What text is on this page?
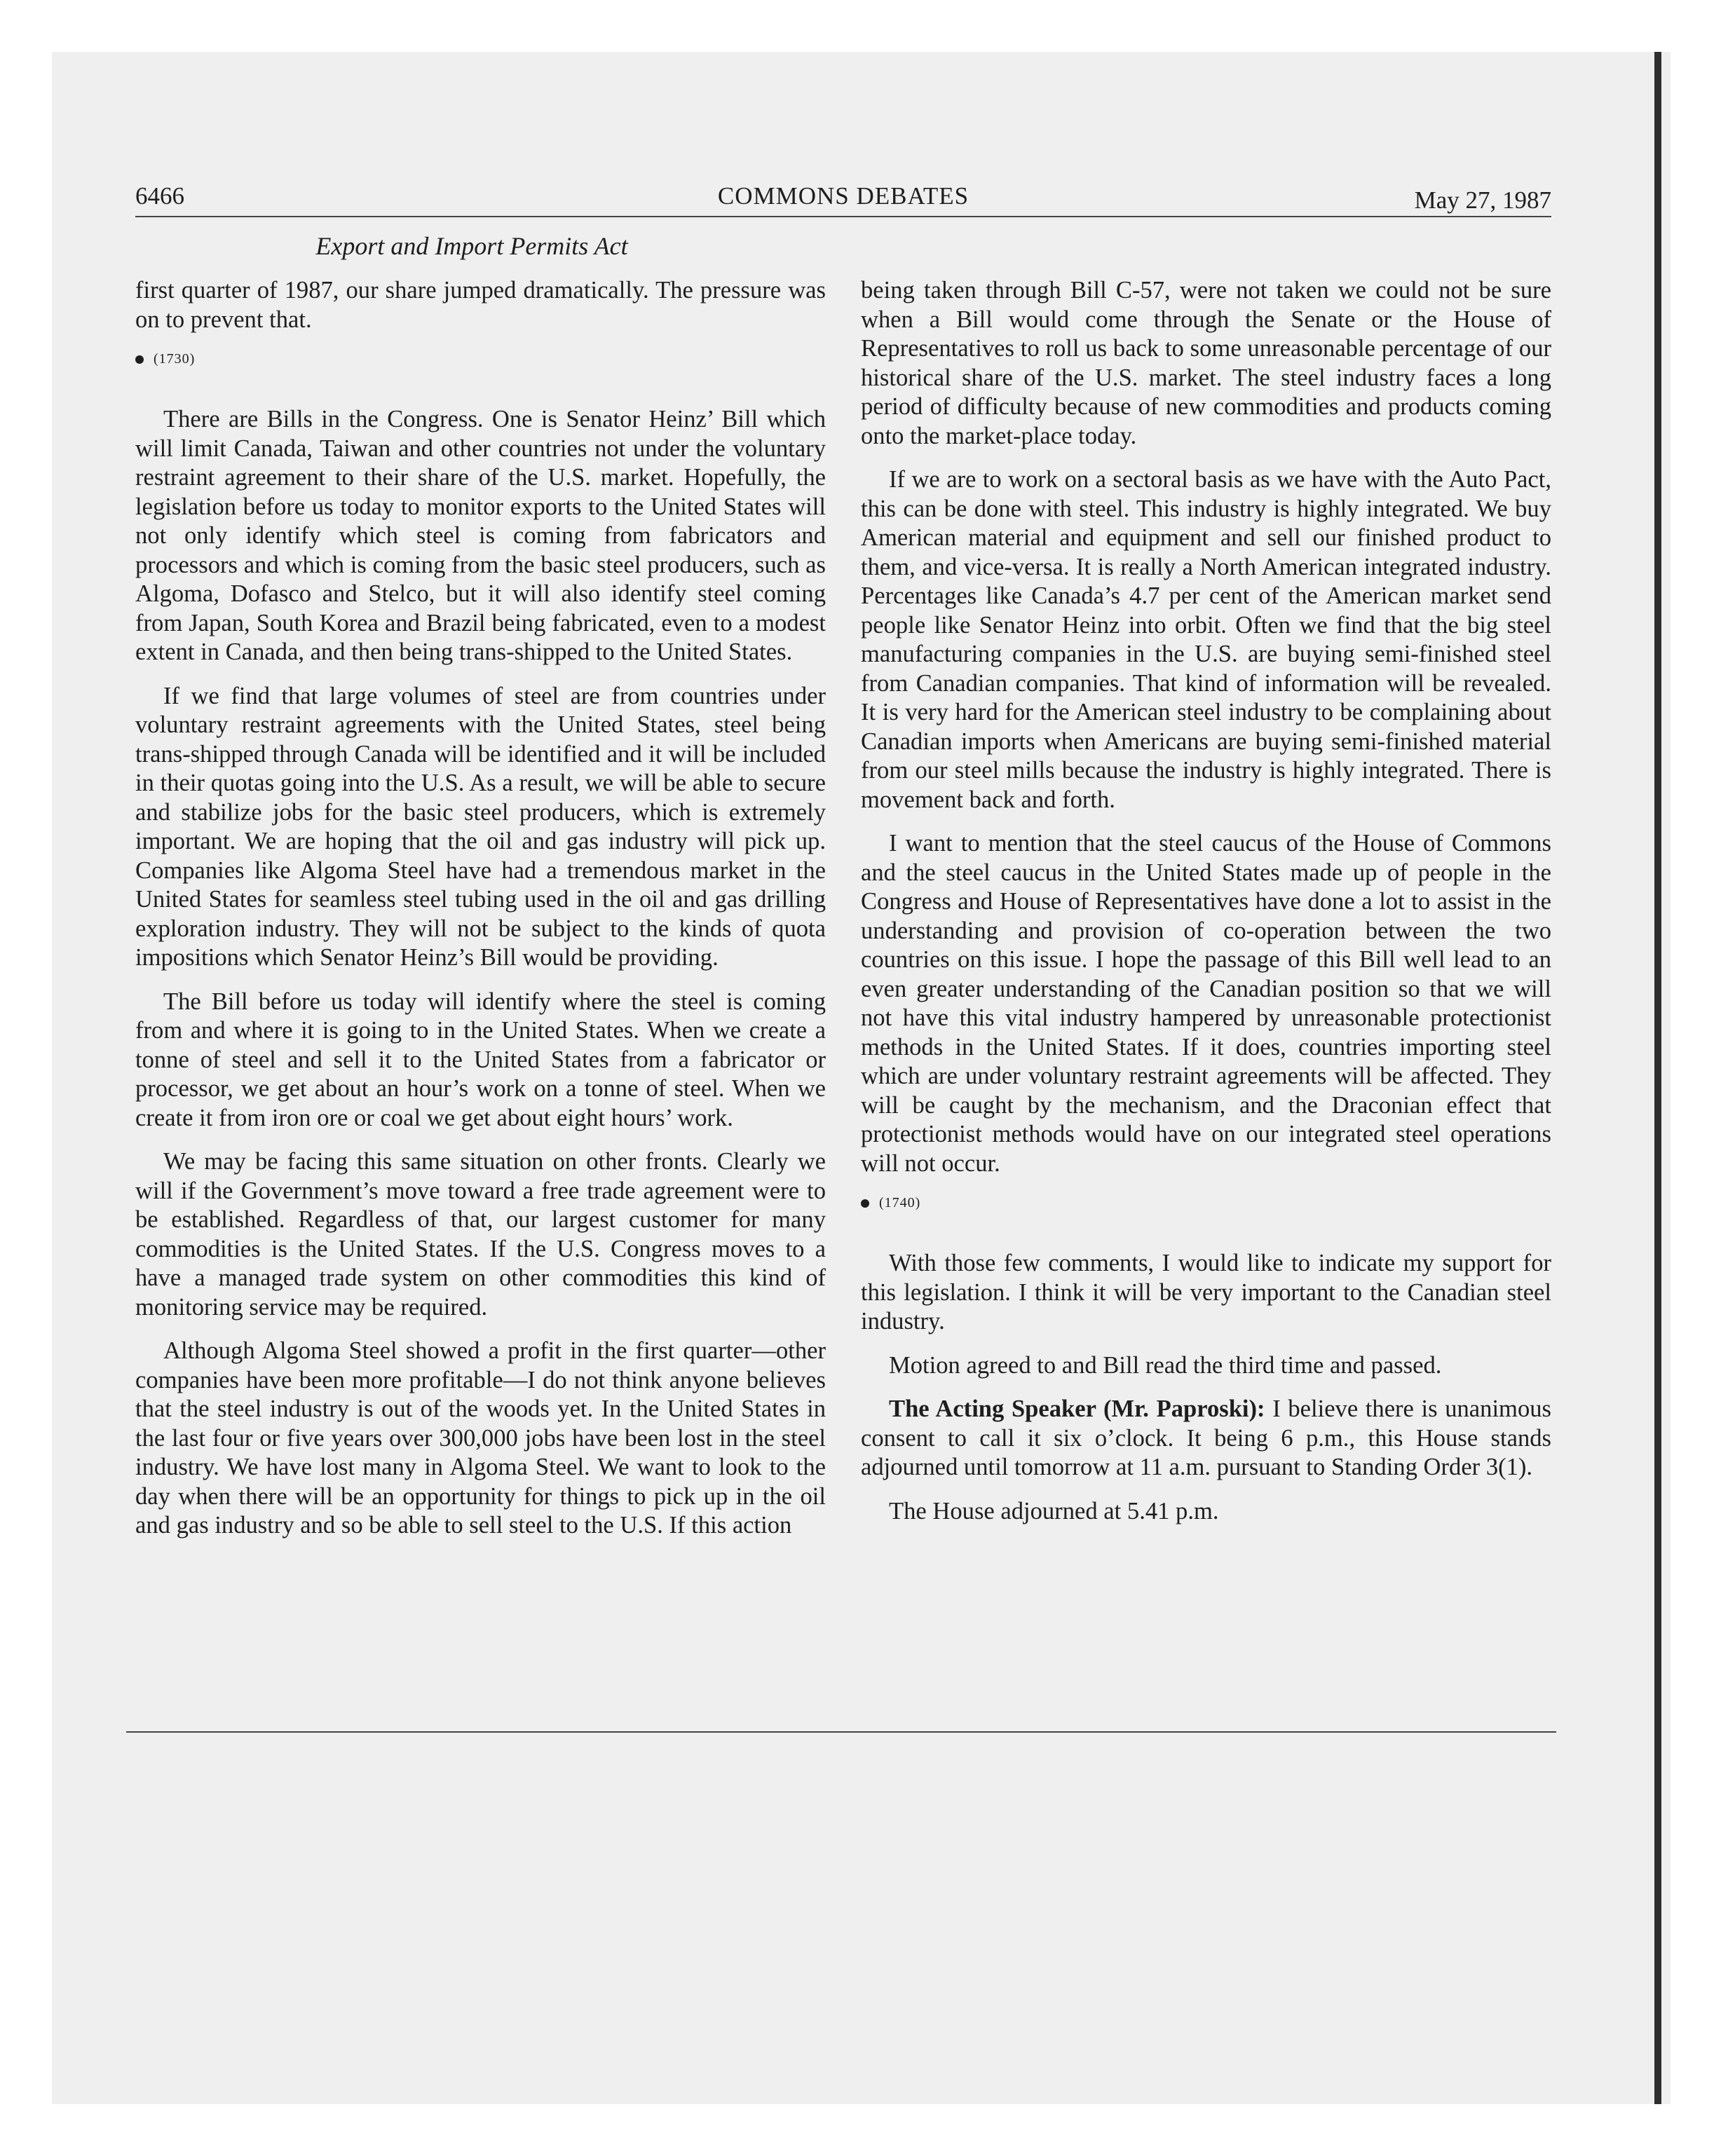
6466	COMMONS DEBATES	May 27, 1987
Export and Import Permits Act

first quarter of 1987, our share jumped dramatically. The pressure was on to prevent that.

(1730)

There are Bills in the Congress. One is Senator Heinz’ Bill which will limit Canada, Taiwan and other countries not under the voluntary restraint agreement to their share of the U.S. market. Hopefully, the legislation before us today to monitor exports to the United States will not only identify which steel is coming from fabricators and processors and which is coming from the basic steel producers, such as Algoma, Dofasco and Stelco, but it will also identify steel coming from Japan, South Korea and Brazil being fabricated, even to a modest extent in Canada, and then being trans-shipped to the United States.

If we find that large volumes of steel are from countries under voluntary restraint agreements with the United States, steel being trans-shipped through Canada will be identified and it will be included in their quotas going into the U.S. As a result, we will be able to secure and stabilize jobs for the basic steel producers, which is extremely important. We are hoping that the oil and gas industry will pick up. Companies like Algoma Steel have had a tremendous market in the United States for seamless steel tubing used in the oil and gas drilling exploration industry. They will not be subject to the kinds of quota impositions which Senator Heinz’s Bill would be providing.

The Bill before us today will identify where the steel is coming from and where it is going to in the United States. When we create a tonne of steel and sell it to the United States from a fabricator or processor, we get about an hour’s work on a tonne of steel. When we create it from iron ore or coal we get about eight hours’ work.

We may be facing this same situation on other fronts. Clearly we will if the Government’s move toward a free trade agreement were to be established. Regardless of that, our largest customer for many commodities is the United States. If the U.S. Congress moves to a have a managed trade system on other commodities this kind of monitoring service may be required.

Although Algoma Steel showed a profit in the first quarter—other companies have been more profitable—I do not think anyone believes that the steel industry is out of the woods yet. In the United States in the last four or five years over 300,000 jobs have been lost in the steel industry. We have lost many in Algoma Steel. We want to look to the day when there will be an opportunity for things to pick up in the oil and gas industry and so be able to sell steel to the U.S. If this action

being taken through Bill C-57, were not taken we could not be sure when a Bill would come through the Senate or the House of Representatives to roll us back to some unreasonable percentage of our historical share of the U.S. market. The steel industry faces a long period of difficulty because of new commodities and products coming onto the market-place today.

If we are to work on a sectoral basis as we have with the Auto Pact, this can be done with steel. This industry is highly integrated. We buy American material and equipment and sell our finished product to them, and vice-versa. It is really a North American integrated industry. Percentages like Canada’s 4.7 per cent of the American market send people like Senator Heinz into orbit. Often we find that the big steel manufacturing companies in the U.S. are buying semi-finished steel from Canadian companies. That kind of information will be revealed. It is very hard for the American steel industry to be complaining about Canadian imports when Americans are buying semi-finished material from our steel mills because the industry is highly integrated. There is movement back and forth.

I want to mention that the steel caucus of the House of Commons and the steel caucus in the United States made up of people in the Congress and House of Representatives have done a lot to assist in the understanding and provision of co-operation between the two countries on this issue. I hope the passage of this Bill well lead to an even greater understanding of the Canadian position so that we will not have this vital industry hampered by unreasonable protectionist methods in the United States. If it does, countries importing steel which are under voluntary restraint agreements will be affected. They will be caught by the mechanism, and the Draconian effect that protectionist methods would have on our integrated steel operations will not occur.

(1740)

With those few comments, I would like to indicate my support for this legislation. I think it will be very important to the Canadian steel industry.

Motion agreed to and Bill read the third time and passed.

The Acting Speaker (Mr. Paproski): I believe there is unanimous consent to call it six o’clock. It being 6 p.m., this House stands adjourned until tomorrow at 11 a.m. pursuant to Standing Order 3(1).

The House adjourned at 5.41 p.m.
